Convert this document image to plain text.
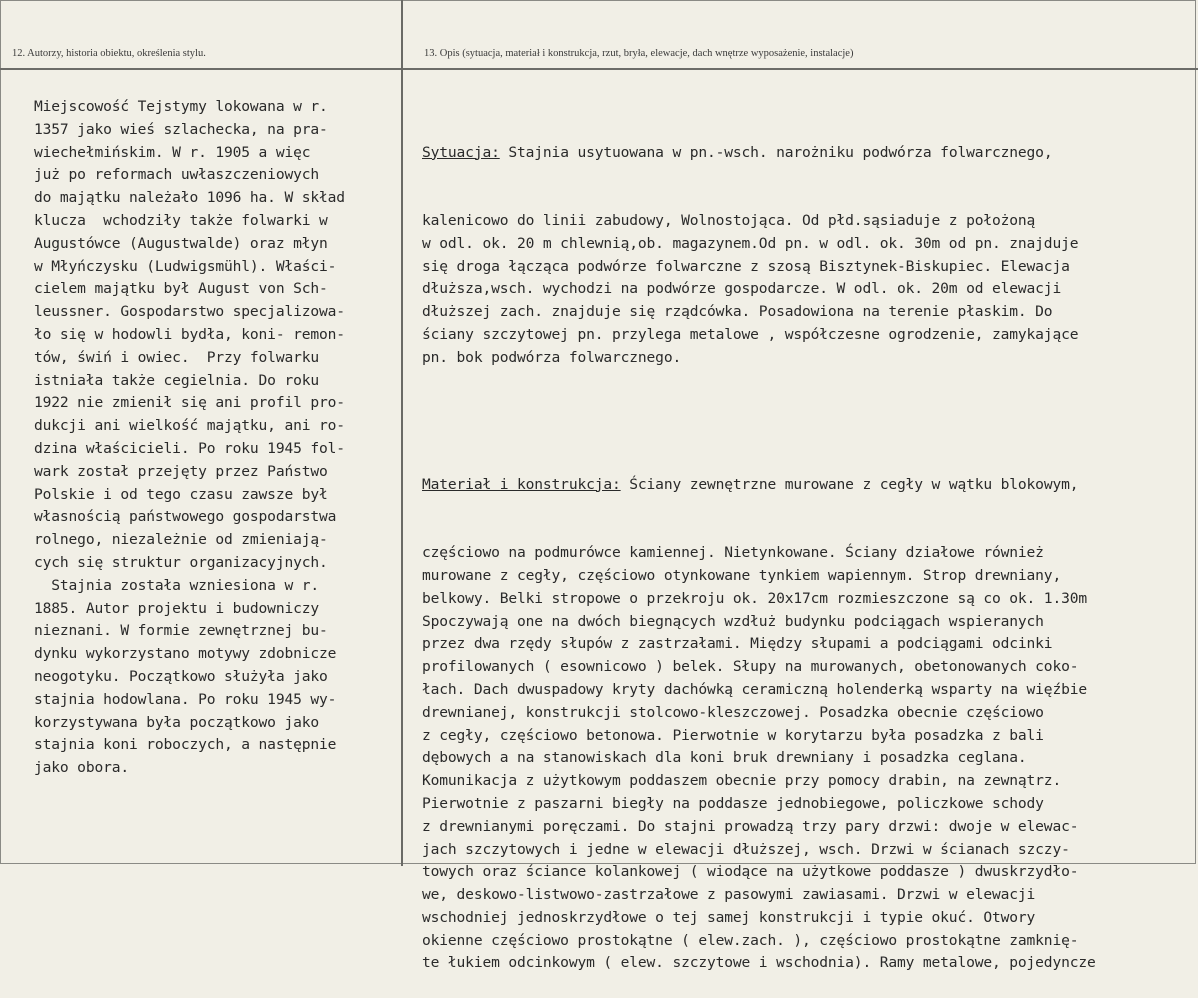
12. Autorzy, historia obiektu, określenia stylu.	13. Opis (sytuacja, materiał i konstrukcja, rzut, bryła, elewacje, dach wnętrze wyposażenie, instalacje)
Miejscowość Tejstymy lokowana w r.
1357 jako wieś szlachecka, na pra-
wiechełmińskim. W r. 1905 a więc
już po reformach uwłaszczeniowych
do majątku należało 1096 ha. W skład
klucza  wchodziły także folwarki w
Augustówce (Augustwalde) oraz młyn
w Młyńczysku (Ludwigsmühl). Właści-
cielem majątku był August von Sch-
leussner. Gospodarstwo specjalizowa-
ło się w hodowli bydła, koni- remon-
tów, świń i owiec.  Przy folwarku
istniała także cegielnia. Do roku
1922 nie zmienił się ani profil pro-
dukcji ani wielkość majątku, ani ro-
dzina właścicieli. Po roku 1945 fol-
wark został przejęty przez Państwo
Polskie i od tego czasu zawsze był
własnością państwowego gospodarstwa
rolnego, niezależnie od zmieniają-
cych się struktur organizacyjnych.
Stajnia została wzniesiona w r.
1885. Autor projektu i budowniczy
nieznani. W formie zewnętrznej bu-
dynku wykorzystano motywy zdobnicze
neogotyku. Początkowo służyła jako
stajnia hodowlana. Po roku 1945 wy-
korzystywana była początkowo jako
stajnia koni roboczych, a następnie
jako obora.

Sytuacja: Stajnia usytuowana w pn.-wsch. narożniku podwórza folwarcznego,

kalenicowo do linii zabudowy, Wolnostojąca. Od płd.sąsiaduje z położoną
w odl. ok. 20 m chlewnią,ob. magazynem.Od pn. w odl. ok. 30m od pn. znajduje
się droga łącząca podwórze folwarczne z szosą Bisztynek-Biskupiec. Elewacja
dłuższa,wsch. wychodzi na podwórze gospodarcze. W odl. ok. 20m od elewacji
dłuższej zach. znajduje się rządcówka. Posadowiona na terenie płaskim. Do
ściany szczytowej pn. przylega metalowe , współczesne ogrodzenie, zamykające
pn. bok podwórza folwarcznego.

Materiał i konstrukcja: Ściany zewnętrzne murowane z cegły w wątku blokowym,

częściowo na podmurówce kamiennej. Nietynkowane. Ściany działowe również
murowane z cegły, częściowo otynkowane tynkiem wapiennym. Strop drewniany,
belkowy. Belki stropowe o przekroju ok. 20x17cm rozmieszczone są co ok. 1.30m
Spoczywają one na dwóch biegnących wzdłuż budynku podciągach wspieranych
przez dwa rzędy słupów z zastrzałami. Między słupami a podciągami odcinki
profilowanych ( esownicowo ) belek. Słupy na murowanych, obetonowanych coko-
łach. Dach dwuspadowy kryty dachówką ceramiczną holenderką wsparty na więźbie
drewnianej, konstrukcji stolcowo-kleszczowej. Posadzka obecnie częściowo
z cegły, częściowo betonowa. Pierwotnie w korytarzu była posadzka z bali
dębowych a na stanowiskach dla koni bruk drewniany i posadzka ceglana.
Komunikacja z użytkowym poddaszem obecnie przy pomocy drabin, na zewnątrz.
Pierwotnie z paszarni biegły na poddasze jednobiegowe, policzkowe schody
z drewnianymi poręczami. Do stajni prowadzą trzy pary drzwi: dwoje w elewac-
jach szczytowych i jedne w elewacji dłuższej, wsch. Drzwi w ścianach szczy-
towych oraz ściance kolankowej ( wiodące na użytkowe poddasze ) dwuskrzydło-
we, deskowo-listwowo-zastrzałowe z pasowymi zawiasami. Drzwi w elewacji
wschodniej jednoskrzydłowe o tej samej konstrukcji i typie okuć. Otwory
okienne częściowo prostokątne ( elew.zach. ), częściowo prostokątne zamknię-
te łukiem odcinkowym ( elew. szczytowe i wschodnia). Ramy metalowe, pojedyncze
